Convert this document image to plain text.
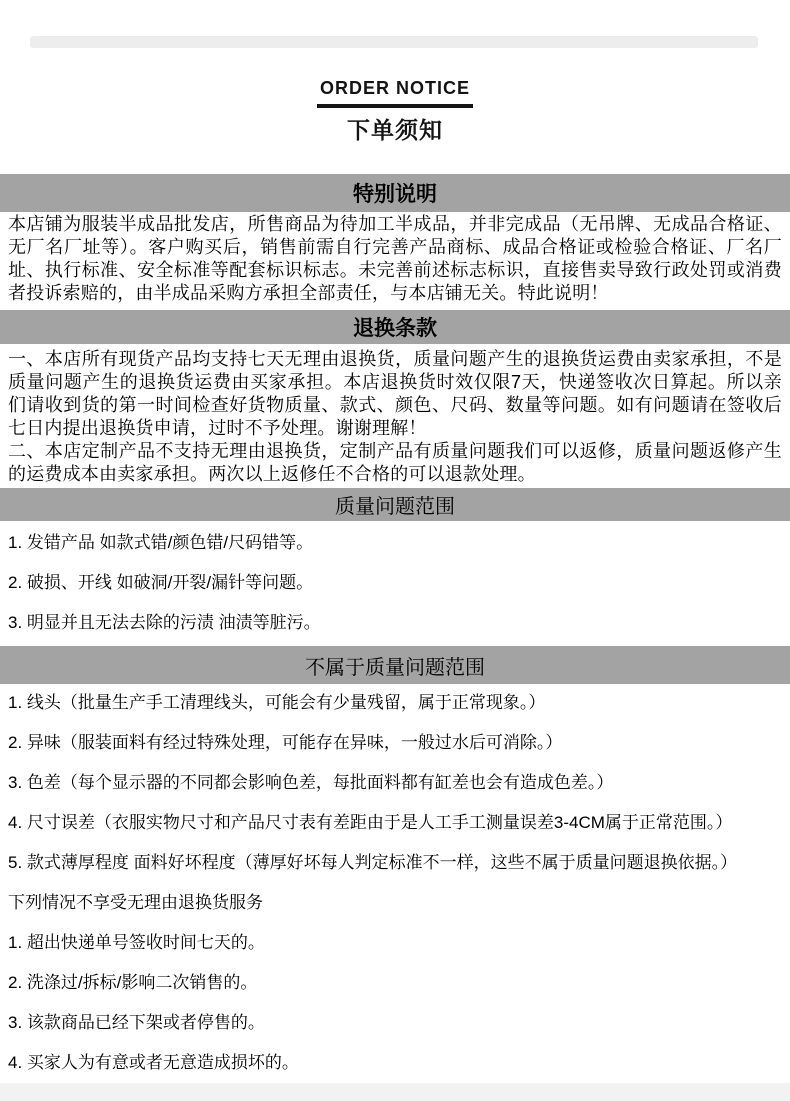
ORDER NOTICE
下单须知
特别说明

本店铺为服装半成品批发店，所售商品为待加工半成品，并非完成品（无吊牌、无成品合格证、无厂名厂址等）。客户购买后，销售前需自行完善产品商标、成品合格证或检验合格证、厂名厂址、执行标准、安全标准等配套标识标志。未完善前述标志标识，直接售卖导致行政处罚或消费者投诉索赔的，由半成品采购方承担全部责任，与本店铺无关。特此说明！

退换条款

一、本店所有现货产品均支持七天无理由退换货，质量问题产生的退换货运费由卖家承担，不是质量问题产生的退换货运费由买家承担。本店退换货时效仅限7天，快递签收次日算起。所以亲们请收到货的第一时间检查好货物质量、款式、颜色、尺码、数量等问题。如有问题请在签收后七日内提出退换货申请，过时不予处理。谢谢理解！

二、本店定制产品不支持无理由退换货，定制产品有质量问题我们可以返修，质量问题返修产生的运费成本由卖家承担。两次以上返修任不合格的可以退款处理。

质量问题范围
1. 发错产品 如款式错/颜色错/尺码错等。
2. 破损、开线 如破洞/开裂/漏针等问题。
3. 明显并且无法去除的污渍 油渍等脏污。
不属于质量问题范围
1. 线头（批量生产手工清理线头，可能会有少量残留，属于正常现象。）
2. 异味（服装面料有经过特殊处理，可能存在异味，一般过水后可消除。）
3. 色差（每个显示器的不同都会影响色差，每批面料都有缸差也会有造成色差。）
4. 尺寸误差（衣服实物尺寸和产品尺寸表有差距由于是人工手工测量误差3-4CM属于正常范围。）
5. 款式薄厚程度 面料好坏程度（薄厚好坏每人判定标准不一样，这些不属于质量问题退换依据。）
下列情况不享受无理由退换货服务
1. 超出快递单号签收时间七天的。
2. 洗涤过/拆标/影响二次销售的。
3. 该款商品已经下架或者停售的。
4. 买家人为有意或者无意造成损坏的。
